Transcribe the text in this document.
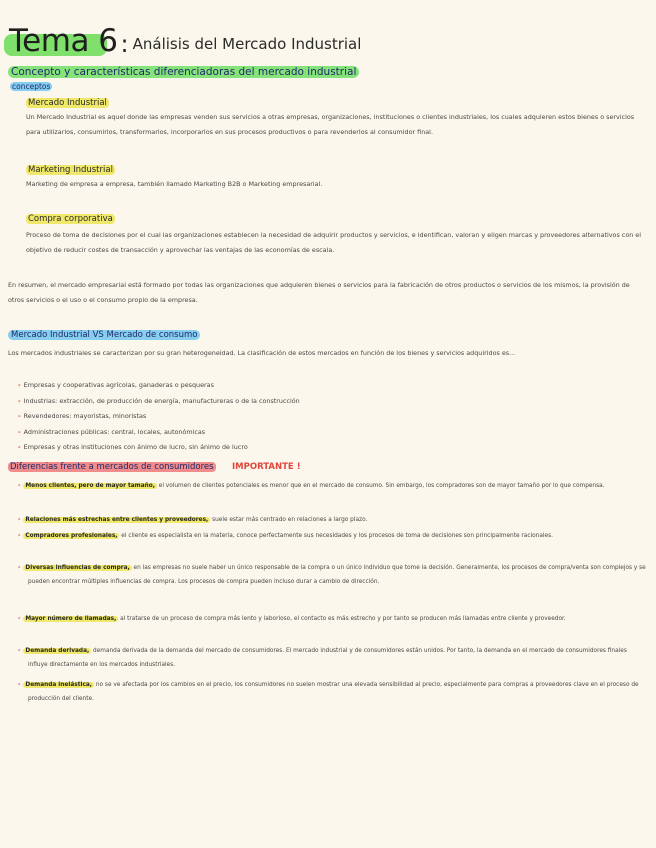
Tema 6 : Análisis del Mercado Industrial
Concepto y características diferenciadoras del mercado industrial
conceptos
Mercado Industrial
Un Mercado Industrial es aquel donde las empresas venden sus servicios a otras empresas, organizaciones, instituciones o clientes industriales, los cuales adquieren estos bienes o servicios para utilizarlos, consumirlos, transformarlos, incorporarlos en sus procesos productivos o para revenderlos al consumidor final.
Marketing Industrial
Marketing de empresa a empresa, también llamado Marketing B2B o Marketing empresarial.
Compra corporativa
Proceso de toma de decisiones por el cual las organizaciones establecen la necesidad de adquirir productos y servicios, e identifican, valoran y eligen marcas y proveedores alternativos con el objetivo de reducir costes de transacción y aprovechar las ventajas de las economías de escala.
En resumen, el mercado empresarial está formado por todas las organizaciones que adquieren bienes o servicios para la fabricación de otros productos o servicios de los mismos, la provisión de otros servicios o el uso o el consumo propio de la empresa.
Mercado Industrial VS Mercado de consumo
Los mercados industriales se caracterizan por su gran heterogeneidad. La clasificación de estos mercados en función de los bienes y servicios adquiridos es...
- Empresas y cooperativas agrícolas, ganaderas o pesqueras
- Industrias: extracción, de producción de energía, manufactureras o de la construcción
- Revendedores: mayoristas, minoristas
- Administraciones públicas: central, locales, autonómicas
- Empresas y otras instituciones con ánimo de lucro, sin ánimo de lucro
Diferencias frente a mercados de consumidores IMPORTANTE !
- Menos clientes, pero de mayor tamaño, el volumen de clientes potenciales es menor que en el mercado de consumo. Sin embargo, los compradores son de mayor tamaño por lo que compensa.
- Relaciones más estrechas entre clientes y proveedores, suele estar más centrado en relaciones a largo plazo.
- Compradores profesionales, el cliente es especialista en la materia, conoce perfectamente sus necesidades y los procesos de toma de decisiones son principalmente racionales.
- Diversas influencias de compra, en las empresas no suele haber un único responsable de la compra o un único individuo que tome la decisión. Generalmente, los procesos de compra/venta son complejos y se pueden encontrar múltiples influencias de compra. Los procesos de compra pueden incluso durar a cambio de dirección.
- Mayor número de llamadas, al tratarse de un proceso de compra más lento y laborioso, el contacto es más estrecho y por tanto se producen más llamadas entre cliente y proveedor.
- Demanda derivada, demanda derivada de la demanda del mercado de consumidores. El mercado industrial y de consumidores están unidos. Por tanto, la demanda en el mercado de consumidores finales influye directamente en los mercados industriales.
- Demanda inelástica, no se ve afectada por los cambios en el precio, los consumidores no suelen mostrar una elevada sensibilidad al precio, especialmente para compras a proveedores clave en el proceso de producción del cliente.
